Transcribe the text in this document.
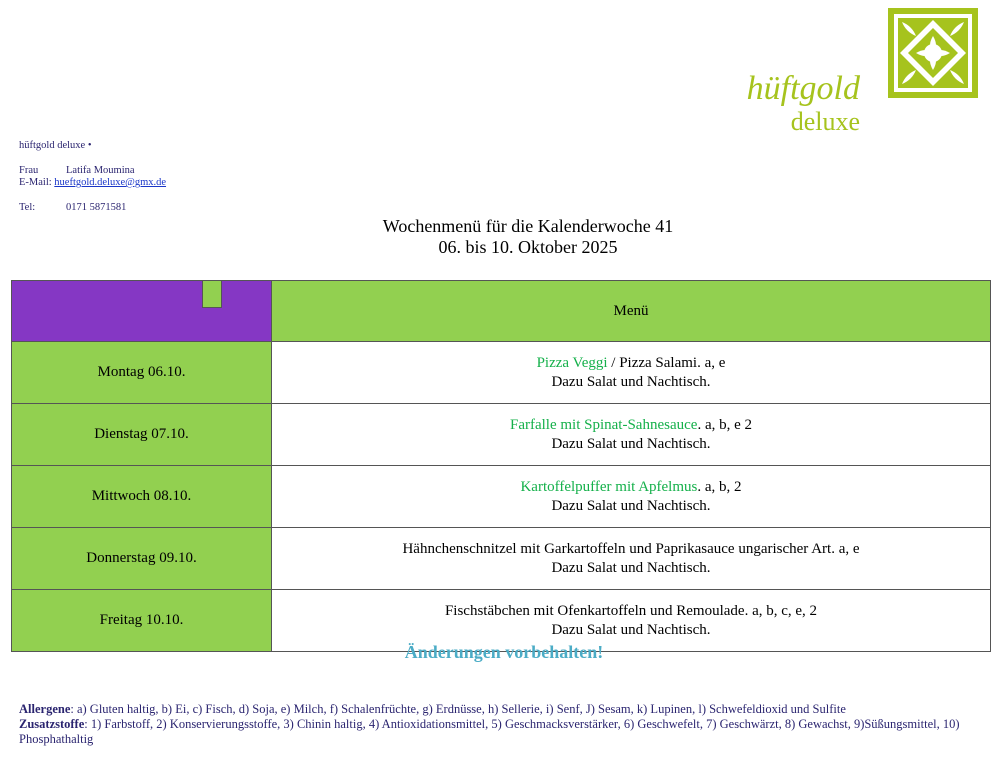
hüftgold
deluxe
hüftgold deluxe •
Frau	Latifa Moumina
E-Mail: hueftgold.deluxe@gmx.de
Tel:	0171 5871581
Wochenmenü für die Kalenderwoche 41
06. bis 10. Oktober 2025
	Menü
Montag 06.10.	Pizza Veggi / Pizza Salami. a, e
Dazu Salat und Nachtisch.
Dienstag 07.10.	Farfalle mit Spinat-Sahnesauce. a, b, e 2
Dazu Salat und Nachtisch.
Mittwoch 08.10.	Kartoffelpuffer mit Apfelmus. a, b, 2
Dazu Salat und Nachtisch.
Donnerstag 09.10.	Hähnchenschnitzel mit Garkartoffeln und Paprikasauce ungarischer Art. a, e
Dazu Salat und Nachtisch.
Freitag 10.10.	Fischstäbchen mit Ofenkartoffeln und Remoulade. a, b, c, e, 2
Dazu Salat und Nachtisch.
Änderungen vorbehalten!
Allergene: a) Gluten haltig, b) Ei, c) Fisch, d) Soja, e) Milch, f) Schalenfrüchte, g) Erdnüsse, h) Sellerie, i) Senf, J) Sesam, k) Lupinen, l) Schwefeldioxid und Sulfite
Zusatzstoffe: 1) Farbstoff, 2) Konservierungsstoffe, 3) Chinin haltig, 4) Antioxidationsmittel, 5) Geschmacksverstärker, 6) Geschwefelt, 7) Geschwärzt, 8) Gewachst, 9)Süßungsmittel, 10) Phosphathaltig
